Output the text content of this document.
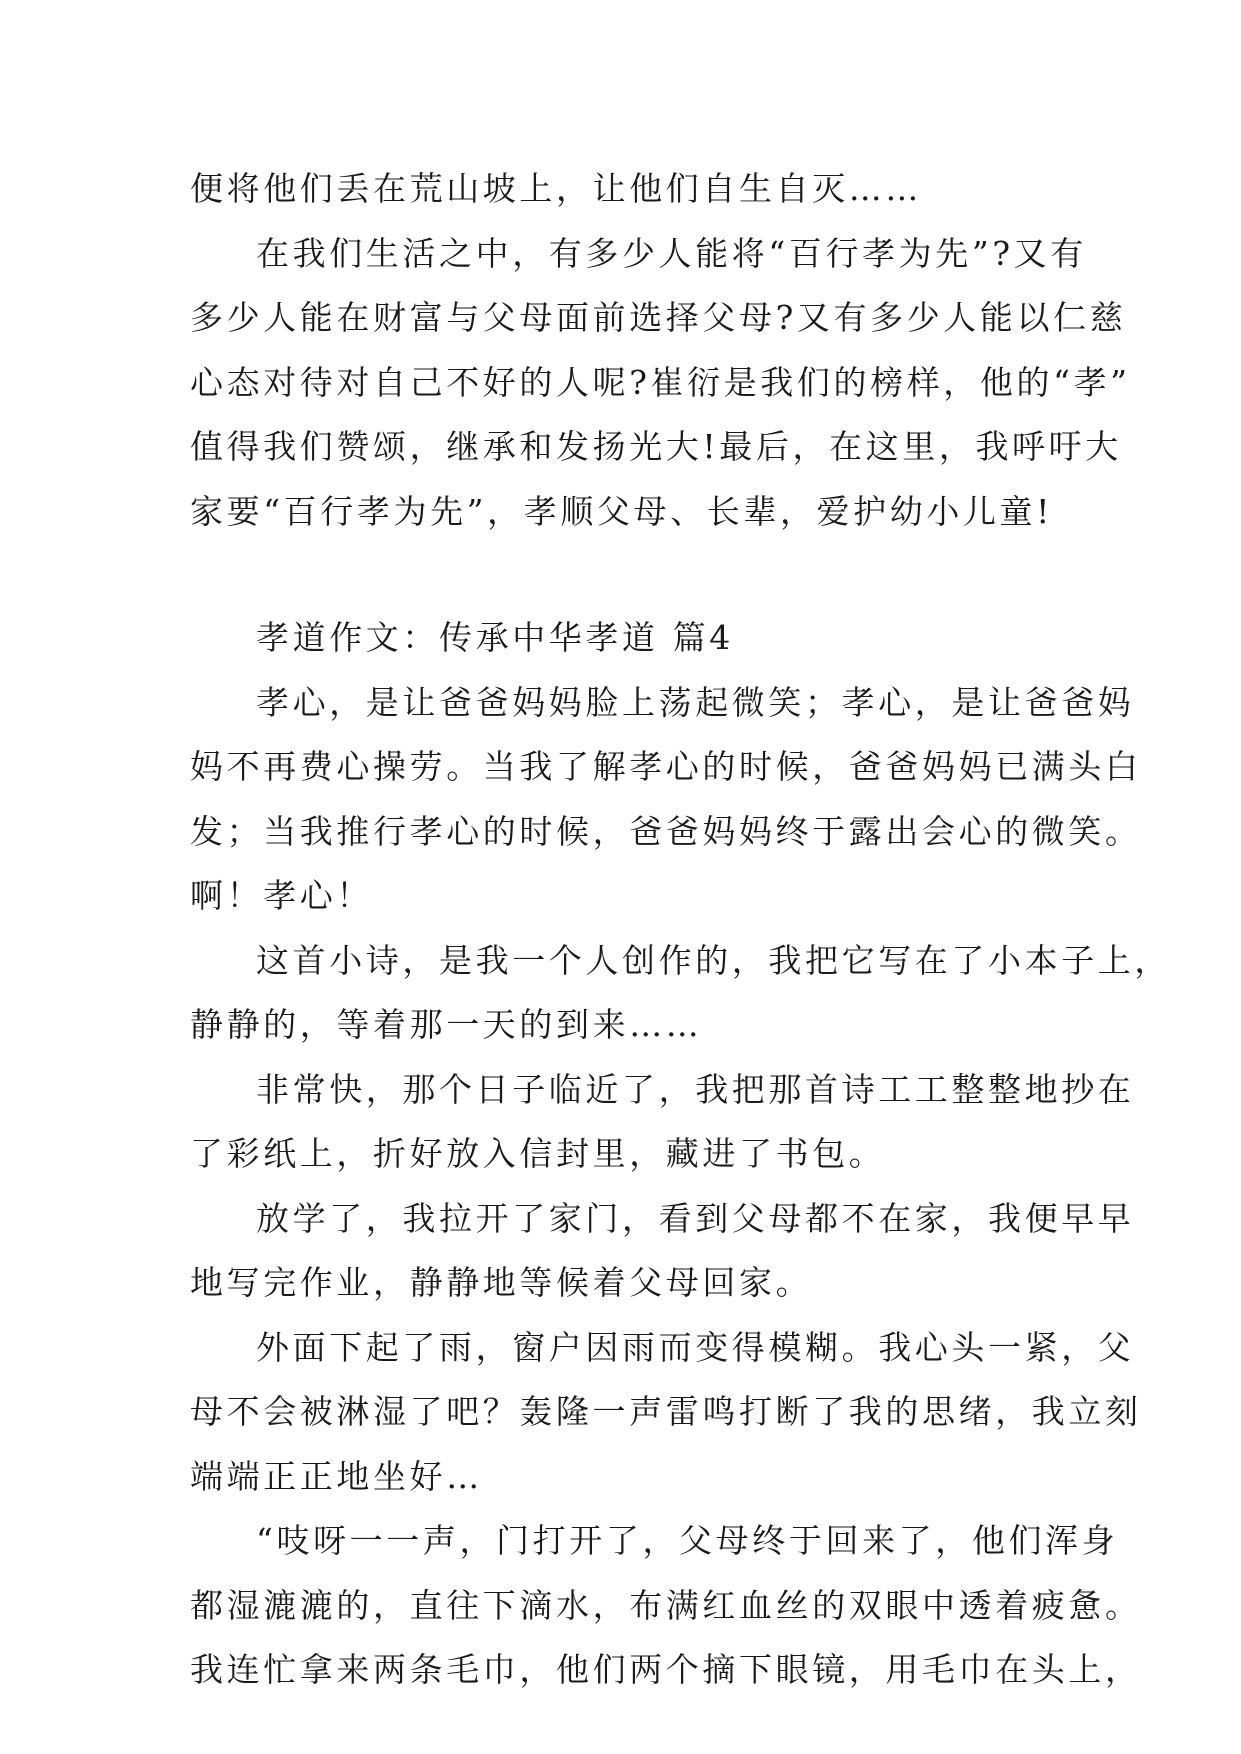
便将他们丢在荒山坡上，让他们自生自灭……
在我们生活之中，有多少人能将“百行孝为先”?又有
多少人能在财富与父母面前选择父母?又有多少人能以仁慈
心态对待对自己不好的人呢?崔衍是我们的榜样，他的“孝”
值得我们赞颂，继承和发扬光大!最后，在这里，我呼吁大
家要“百行孝为先”，孝顺父母、长辈，爱护幼小儿童!
孝道作文：传承中华孝道 篇4
孝心，是让爸爸妈妈脸上荡起微笑；孝心，是让爸爸妈
妈不再费心操劳。当我了解孝心的时候，爸爸妈妈已满头白
发；当我推行孝心的时候，爸爸妈妈终于露出会心的微笑。
啊！孝心！
这首小诗，是我一个人创作的，我把它写在了小本子上，
静静的，等着那一天的到来……
非常快，那个日子临近了，我把那首诗工工整整地抄在
了彩纸上，折好放入信封里，藏进了书包。
放学了，我拉开了家门，看到父母都不在家，我便早早
地写完作业，静静地等候着父母回家。
外面下起了雨，窗户因雨而变得模糊。我心头一紧，父
母不会被淋湿了吧？轰隆一声雷鸣打断了我的思绪，我立刻
端端正正地坐好…
“吱呀一一声，门打开了，父母终于回来了，他们浑身
都湿漉漉的，直往下滴水，布满红血丝的双眼中透着疲惫。
我连忙拿来两条毛巾，他们两个摘下眼镜，用毛巾在头上，
